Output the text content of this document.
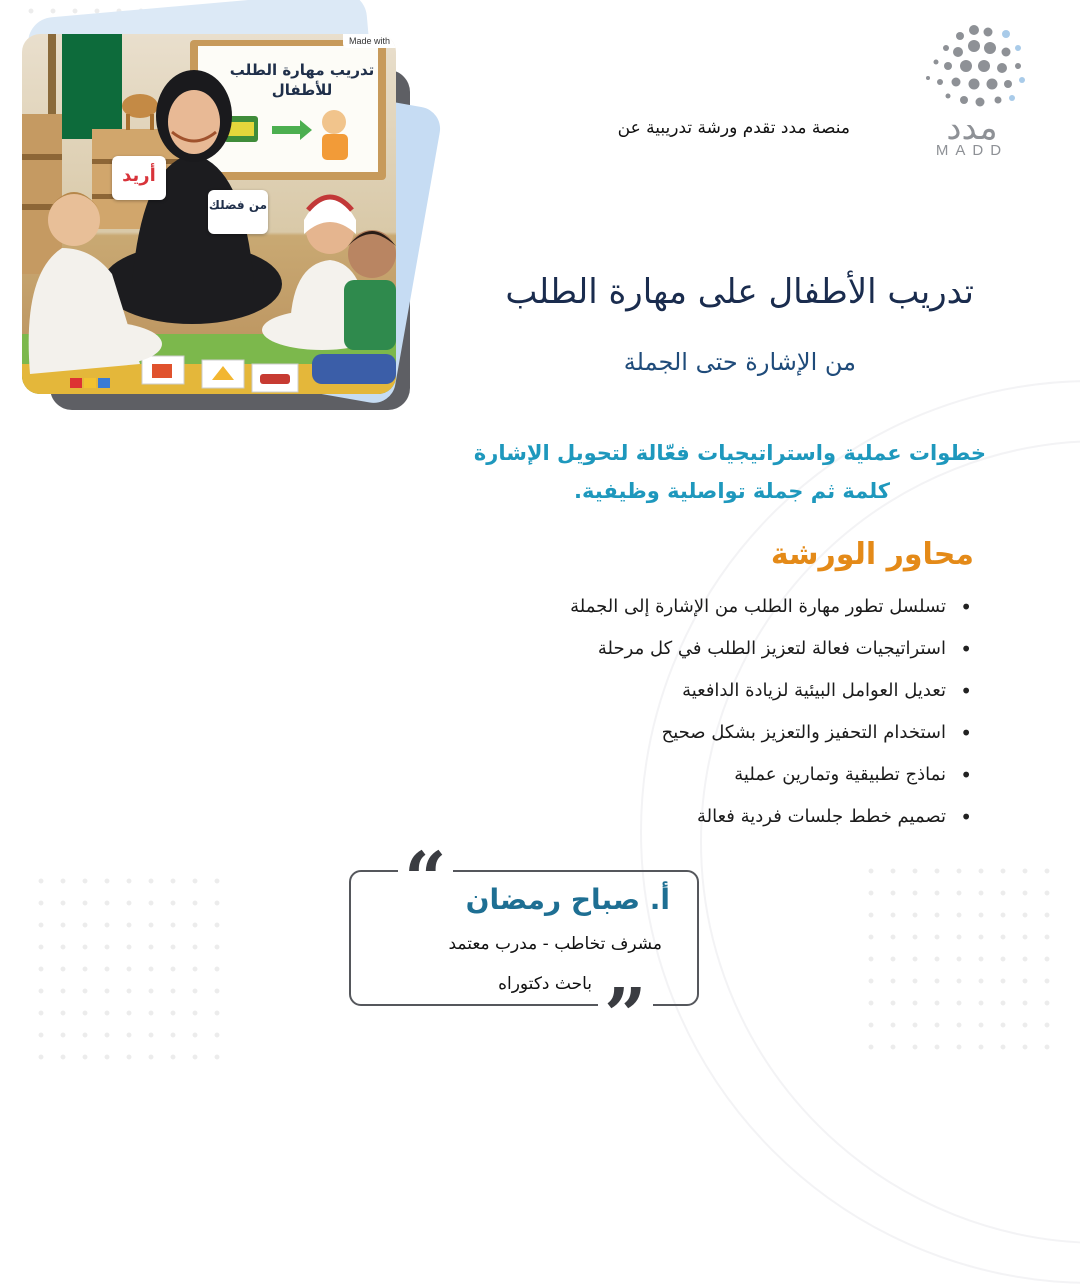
Made with
تدريب مهارة الطلب للأطفال
أريد
من فضلك
مدد
MADD
منصة مدد تقدم ورشة تدريبية عن
تدريب الأطفال على مهارة الطلب
من الإشارة حتى الجملة
خطوات عملية واستراتيجيات فعّالة لتحويل الإشارة
كلمة ثم جملة تواصلية وظيفية.
محاور الورشة
• تسلسل تطور مهارة الطلب من الإشارة إلى الجملة
• استراتيجيات فعالة لتعزيز الطلب في كل مرحلة
• تعديل العوامل البيئية لزيادة الدافعية
• استخدام التحفيز والتعزيز بشكل صحيح
• نماذج تطبيقية وتمارين عملية
• تصميم خطط جلسات فردية فعالة
“
”
أ. صباح رمضان
مشرف تخاطب - مدرب معتمد
باحث دكتوراه
